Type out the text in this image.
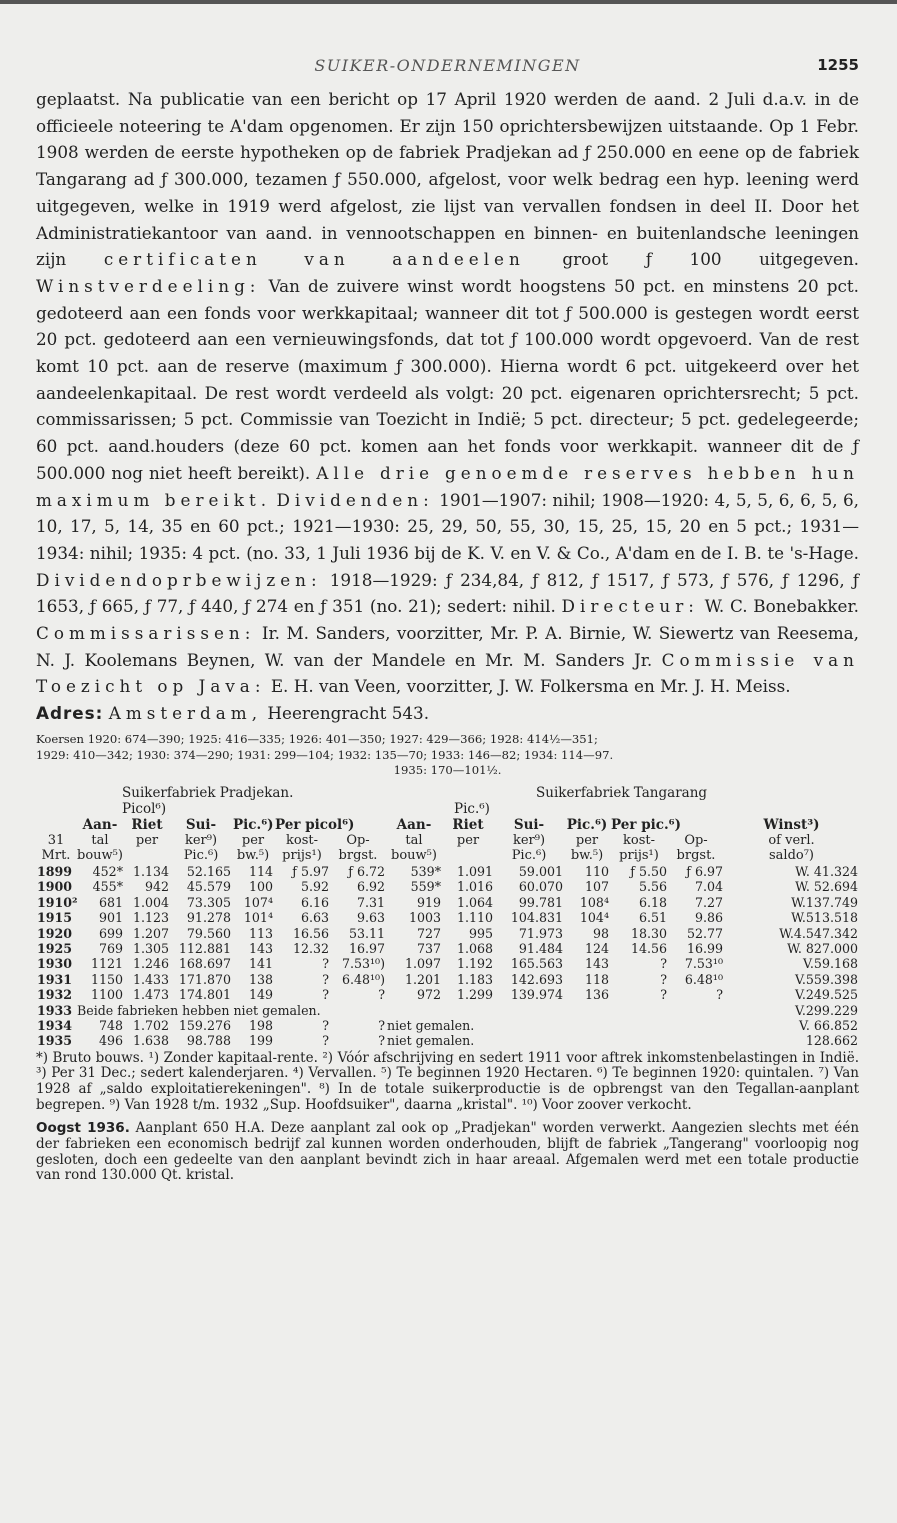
SUIKER-ONDERNEMINGEN	1255
geplaatst. Na publicatie van een bericht op 17 April 1920 werden de aand. 2 Juli d.a.v. in de officieele noteering te A'dam opgenomen. Er zijn 150 oprichtersbewijzen uitstaande. Op 1 Febr. 1908 werden de eerste hypotheken op de fabriek Pradjekan ad ƒ 250.000 en eene op de fabriek Tangarang ad ƒ 300.000, tezamen ƒ 550.000, afgelost, voor welk bedrag een hyp. leening werd uitgegeven, welke in 1919 werd afgelost, zie lijst van vervallen fondsen in deel II. Door het Administratiekantoor van aand. in vennootschappen en binnen- en buitenlandsche leeningen zijn certificaten van aandeelen groot ƒ 100 uitgegeven. Winstverdeeling: Van de zuivere winst wordt hoogstens 50 pct. en minstens 20 pct. gedoteerd aan een fonds voor werkkapitaal; wanneer dit tot ƒ 500.000 is gestegen wordt eerst 20 pct. gedoteerd aan een vernieuwingsfonds, dat tot ƒ 100.000 wordt opgevoerd. Van de rest komt 10 pct. aan de reserve (maximum ƒ 300.000). Hierna wordt 6 pct. uitgekeerd over het aandeelenkapitaal. De rest wordt verdeeld als volgt: 20 pct. eigenaren oprichtersrecht; 5 pct. commissarissen; 5 pct. Commissie van Toezicht in Indië; 5 pct. directeur; 5 pct. gedelegeerde; 60 pct. aand.houders (deze 60 pct. komen aan het fonds voor werkkapit. wanneer dit de ƒ 500.000 nog niet heeft bereikt). Alle drie genoemde reserves hebben hun maximum bereikt. Dividenden: 1901—1907: nihil; 1908—1920: 4, 5, 5, 6, 6, 5, 6, 10, 17, 5, 14, 35 en 60 pct.; 1921—1930: 25, 29, 50, 55, 30, 15, 25, 15, 20 en 5 pct.; 1931—1934: nihil; 1935: 4 pct. (no. 33, 1 Juli 1936 bij de K. V. en V. & Co., A'dam en de I. B. te 's-Hage. Dividendoprbewijzen: 1918—1929: ƒ 234,84, ƒ 812, ƒ 1517, ƒ 573, ƒ 576, ƒ 1296, ƒ 1653, ƒ 665, ƒ 77, ƒ 440, ƒ 274 en ƒ 351 (no. 21); sedert: nihil. Directeur: W. C. Bonebakker. Commissarissen: Ir. M. Sanders, voorzitter, Mr. P. A. Birnie, W. Siewertz van Reesema, N. J. Koolemans Beynen, W. van der Mandele en Mr. M. Sanders Jr. Commissie van Toezicht op Java: E. H. van Veen, voorzitter, J. W. Folkersma en Mr. J. H. Meiss.
Adres: Amsterdam, Heerengracht 543.
Koersen 1920: 674—390; 1925: 416—335; 1926: 401—350; 1927: 429—366; 1928: 414½—351;
1929: 410—342; 1930: 374—290; 1931: 299—104; 1932: 135—70; 1933: 146—82; 1934: 114—97.
1935: 170—101½.
Suikerfabriek Pradjekan.	Suikerfabriek Tangarang
Picol⁶)	Pic.⁶)
	Aan-	Riet	Sui-	Pic.⁶)	Per picol⁶)		Aan-	Riet	Sui-	Pic.⁶)	Per pic.⁶)		Winst³)
31	tal	per	ker⁹)	per	kost-	Op-	tal	per	ker⁹)	per	kost-	Op-	of verl.
Mrt.	bouw⁵)		Pic.⁶)	bw.⁵)	prijs¹)	brgst.	bouw⁵)		Pic.⁶)	bw.⁵)	prijs¹)	brgst.	saldo⁷)
1899	452*	1.134	52.165	114	ƒ 5.97	ƒ 6.72	539*	1.091	59.001	110	ƒ 5.50	ƒ 6.97	W. 41.324
1900	455*	942	45.579	100	5.92	6.92	559*	1.016	60.070	107	5.56	7.04	W. 52.694
1910²	681	1.004	73.305	107⁴	6.16	7.31	919	1.064	99.781	108⁴	6.18	7.27	W.137.749
1915	901	1.123	91.278	101⁴	6.63	9.63	1003	1.110	104.831	104⁴	6.51	9.86	W.513.518
1920	699	1.207	79.560	113	16.56	53.11	727	995	71.973	98	18.30	52.77	W.4.547.342
1925	769	1.305	112.881	143	12.32	16.97	737	1.068	91.484	124	14.56	16.99	W. 827.000
1930	1121	1.246	168.697	141	?	7.53¹⁰)	1.097	1.192	165.563	143	?	7.53¹⁰	V.59.168
1931	1150	1.433	171.870	138	?	6.48¹⁰)	1.201	1.183	142.693	118	?	6.48¹⁰	V.559.398
1932	1100	1.473	174.801	149	?	?	972	1.299	139.974	136	?	?	V.249.525
1933	Beide fabrieken hebben niet gemalen.												V.299.229
1934	748	1.702	159.276	198	?	?	niet gemalen.						V. 66.852
1935	496	1.638	98.788	199	?	?	niet gemalen.						128.662
*) Bruto bouws. ¹) Zonder kapitaal-rente. ²) Vóór afschrijving en sedert 1911 voor aftrek inkomstenbelastingen in Indië. ³) Per 31 Dec.; sedert kalenderjaren. ⁴) Vervallen. ⁵) Te beginnen 1920 Hectaren. ⁶) Te beginnen 1920: quintalen. ⁷) Van 1928 af „saldo exploitatierekeningen". ⁸) In de totale suikerproductie is de opbrengst van den Tegallan-aanplant begrepen. ⁹) Van 1928 t/m. 1932 „Sup. Hoofdsuiker", daarna „kristal". ¹⁰) Voor zoover verkocht.
Oogst 1936. Aanplant 650 H.A. Deze aanplant zal ook op „Pradjekan" worden verwerkt. Aangezien slechts met één der fabrieken een economisch bedrijf zal kunnen worden onderhouden, blijft de fabriek „Tangerang" voorloopig nog gesloten, doch een gedeelte van den aanplant bevindt zich in haar areaal. Afgemalen werd met een totale productie van rond 130.000 Qt. kristal.
